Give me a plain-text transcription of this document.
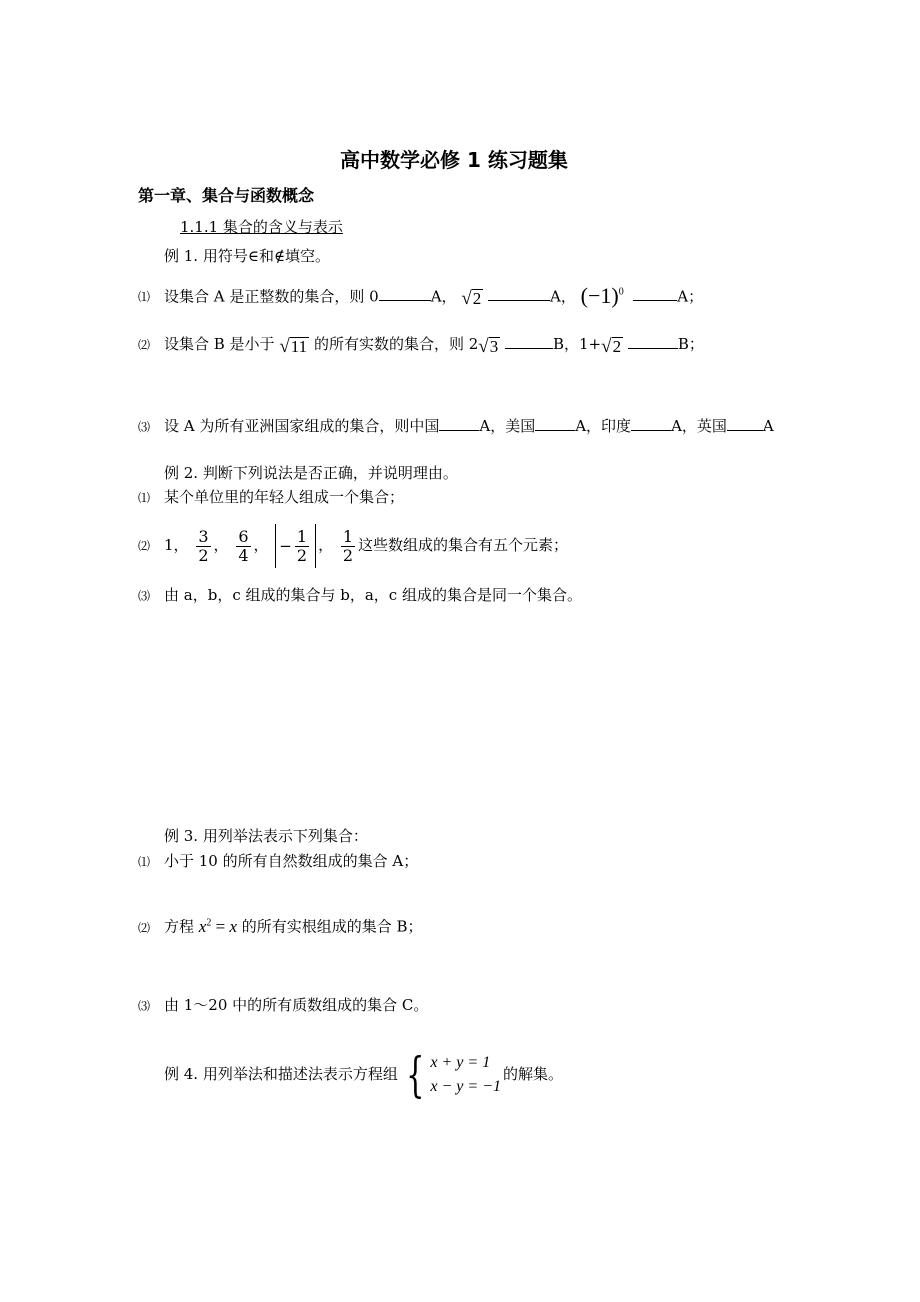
高中数学必修 1 练习题集
第一章、集合与函数概念
1.1.1 集合的含义与表示
例 1. 用符号∈和∉填空。
⑴ 设集合 A 是正整数的集合，则 0	A， √ 2	A， $(-1)^0$	A；
⑵ 设集合 B 是小于 √ 11 的所有实数的集合，则 2 √ 3	B，1+ √ 2	B；
⑶ 设 A 为所有亚洲国家组成的集合，则中国	A，美国	A，印度	A，英国 A
例 2. 判断下列说法是否正确，并说明理由。
⑴ 某个单位里的年轻人组成一个集合；
⑵ 1， $\frac{3}{2}$ ， $\frac{6}{4}$ ， − $\frac{1}{2}$ ， $\frac{1}{2}$ 这些数组成的集合有五个元素；
⑶ 由 a，b，c 组成的集合与 b，a，c 组成的集合是同一个集合。
例 3. 用列举法表示下列集合：
⑴ 小于 10 的所有自然数组成的集合 A；
⑵ 方程 $x^2 = x$ 的所有实根组成的集合 B；
⑶ 由 1～20 中的所有质数组成的集合 C。
例 4. 用列举法和描述法表示方程组 { x + y = 1
x − y = −1
的解集。
